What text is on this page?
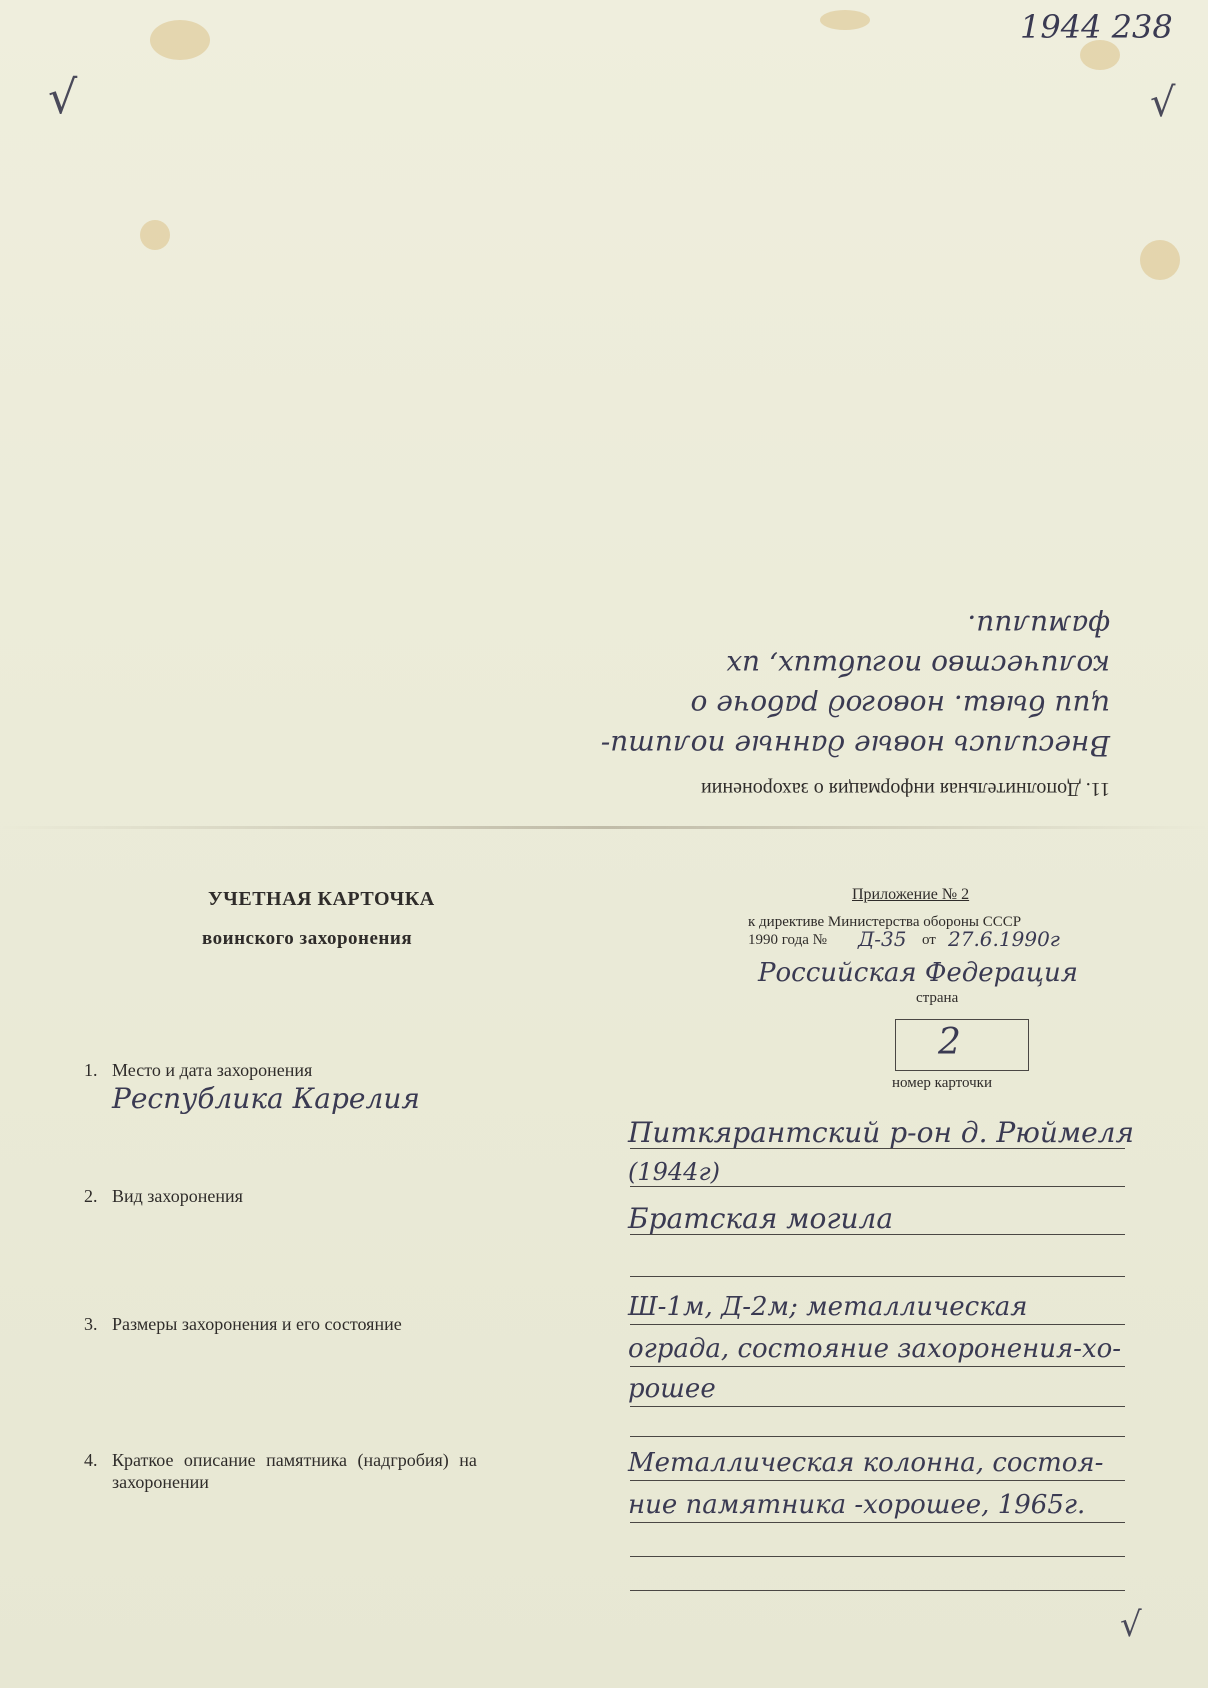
1944 238
√	√
√
11. Дополнительная информация о захоронении
Внесились новые данные полити-
ции бывш. новогод рабоче о
количество погибших, их
фамилии.
УЧЕТНАЯ КАРТОЧКА
воинского захоронения
Приложение № 2
к директиве Министерства обороны СССР
1990 года № Д-35 от 27.6.1990г
Российская Федерация
страна
2
номер карточки
1. Место и дата захоронения
Республика Карелия
Питкярантский р-он д. Рюймеля
(1944г)
2. Вид захоронения
Братская могила
3. Размеры захоронения и его состояние
Ш-1м, Д-2м; металлическая
ограда, состояние захоронения-хо-
рошее
4. Краткое описание памятника (надгробия) на
захоронении
Металлическая колонна, состоя-
ние памятника -хорошее, 1965г.
